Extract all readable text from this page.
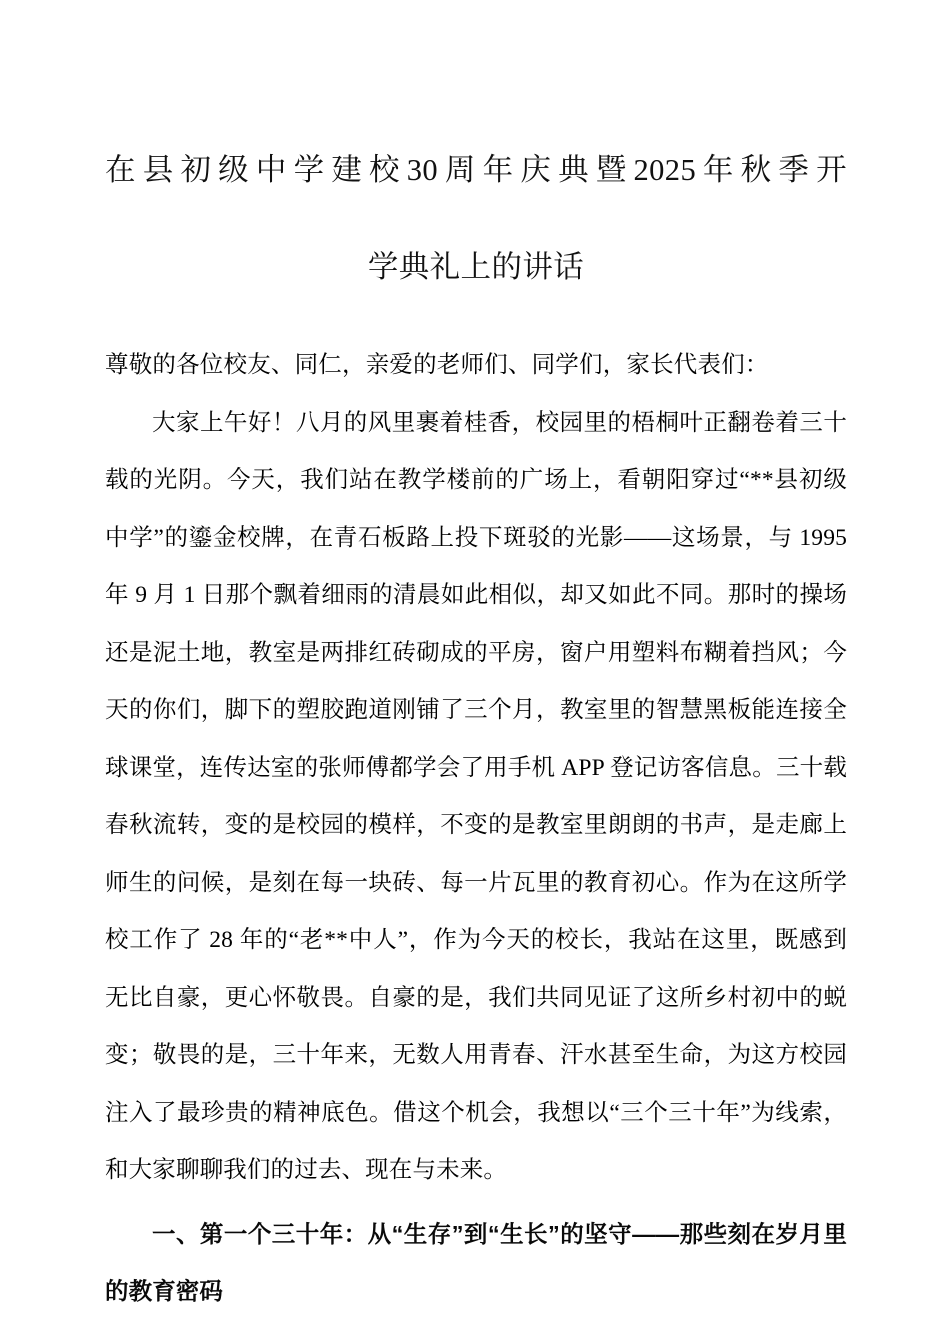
在县初级中学建校30周年庆典暨2025年秋季开
学典礼上的讲话

尊敬的各位校友、同仁，亲爱的老师们、同学们，家长代表们：

大家上午好！八月的风里裹着桂香，校园里的梧桐叶正翻卷着三十载的光阴。今天，我们站在教学楼前的广场上，看朝阳穿过“**县初级中学”的鎏金校牌，在青石板路上投下斑驳的光影——这场景，与 1995 年 9 月 1 日那个飘着细雨的清晨如此相似，却又如此不同。那时的操场还是泥土地，教室是两排红砖砌成的平房，窗户用塑料布糊着挡风；今天的你们，脚下的塑胶跑道刚铺了三个月，教室里的智慧黑板能连接全球课堂，连传达室的张师傅都学会了用手机 APP 登记访客信息。三十载春秋流转，变的是校园的模样，不变的是教室里朗朗的书声，是走廊上师生的问候，是刻在每一块砖、每一片瓦里的教育初心。作为在这所学校工作了 28 年的“老**中人”，作为今天的校长，我站在这里，既感到无比自豪，更心怀敬畏。自豪的是，我们共同见证了这所乡村初中的蜕变；敬畏的是，三十年来，无数人用青春、汗水甚至生命，为这方校园注入了最珍贵的精神底色。借这个机会，我想以“三个三十年”为线索，和大家聊聊我们的过去、现在与未来。

一、第一个三十年：从“生存”到“生长”的坚守——那些刻在岁月里的教育密码
